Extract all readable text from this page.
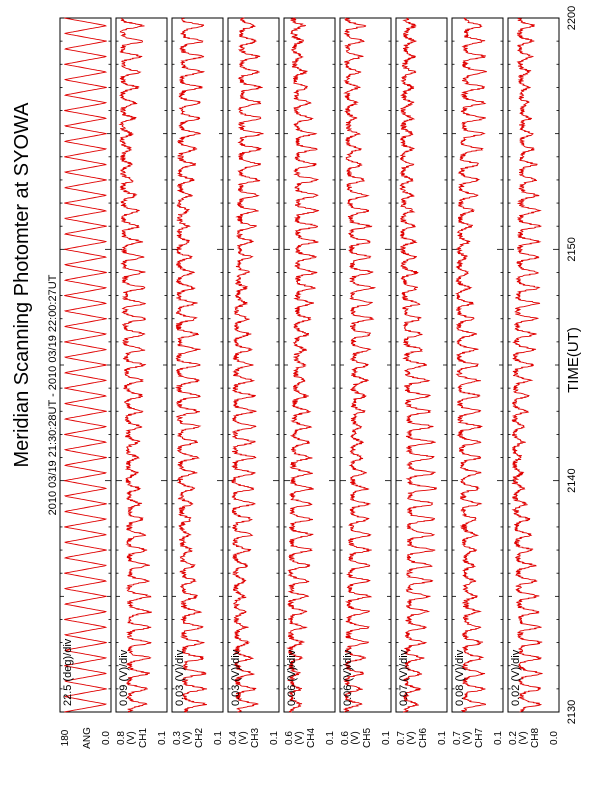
Meridian Scanning Photomter at SYOWA 2010 03/19 21:30:28UT - 2010 03/19 22:00:27UT	TIME(UT)
22.5 (deg)/div
180	0.0
ANG
0.09 (V)/div
0.8	0.1
CH1
(V)
0.03 (V)/div
0.3	0.1
CH2
(V)
0.03 (V)/div
0.4	0.1
CH3
(V)
0.06 (V)/div
0.6	0.1
CH4
(V)
0.06 (V)/div
0.6	0.1
CH5
(V)
0.07 (V)/div
0.7	0.1
CH6
(V)
0.08 (V)/div
0.7	0.1
CH7
(V)
0.02 (V)/div
0.2	0.0
CH8
(V)
2130
2140
2150
2200
